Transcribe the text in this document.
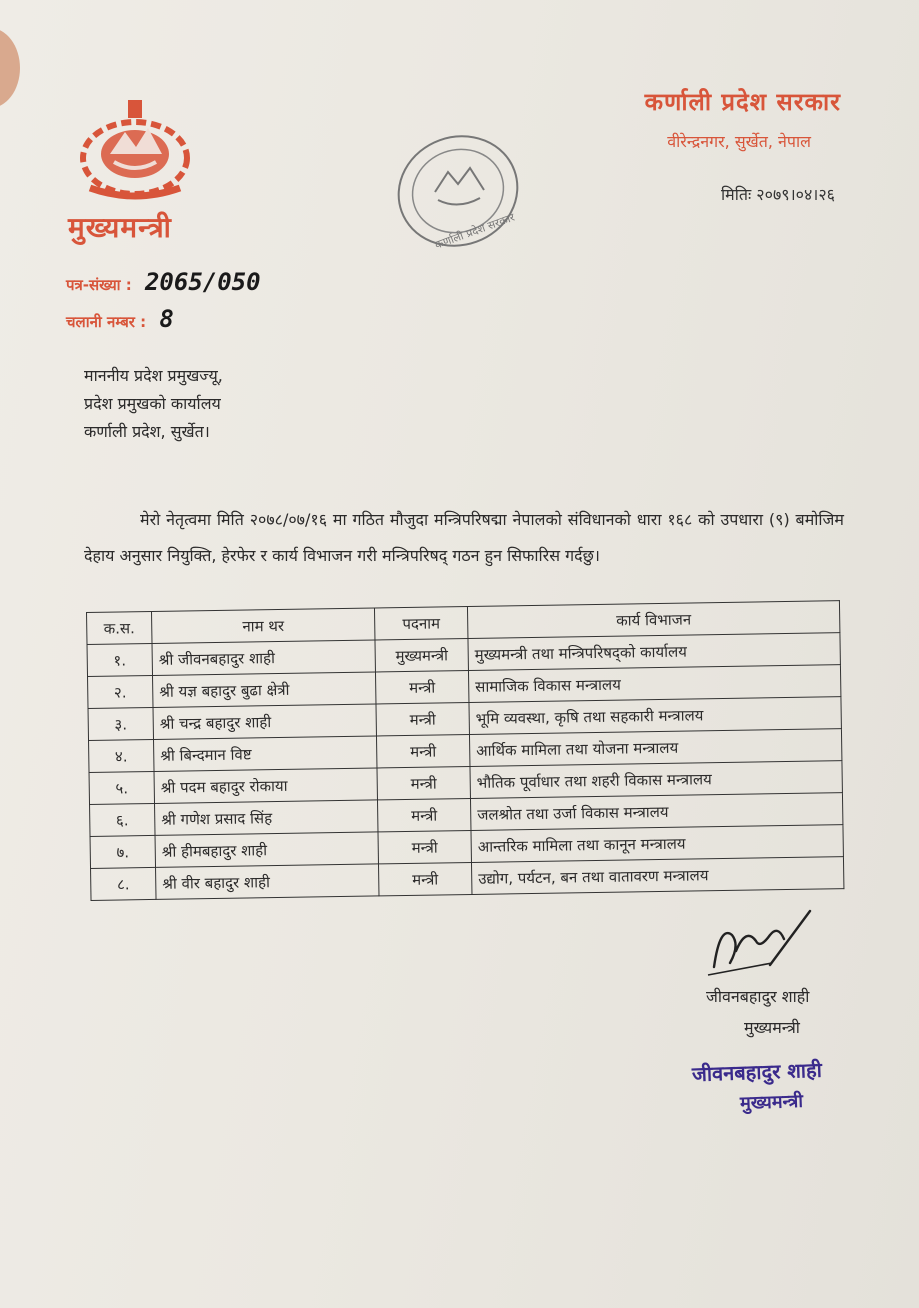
मुख्यमन्त्री
पत्र-संख्या : 2065/050
चलानी नम्बर : 8
कर्णाली प्रदेश सरकार
कर्णाली प्रदेश सरकार
वीरेन्द्रनगर, सुर्खेत, नेपाल
मितिः २०७९।०४।२६
माननीय प्रदेश प्रमुखज्यू,
प्रदेश प्रमुखको कार्यालय
कर्णाली प्रदेश, सुर्खेत।
मेरो नेतृत्वमा मिति २०७८/०७/१६ मा गठित मौजुदा मन्त्रिपरिषद्मा नेपालको संविधानको धारा १६८ को उपधारा (९) बमोजिम देहाय अनुसार नियुक्ति, हेरफेर र कार्य विभाजन गरी मन्त्रिपरिषद् गठन हुन सिफारिस गर्दछु।
क.स.	नाम थर	पदनाम	कार्य विभाजन
१.	श्री जीवनबहादुर शाही	मुख्यमन्त्री	मुख्यमन्त्री तथा मन्त्रिपरिषद्को कार्यालय
२.	श्री यज्ञ बहादुर बुढा क्षेत्री	मन्त्री	सामाजिक विकास मन्त्रालय
३.	श्री चन्द्र बहादुर शाही	मन्त्री	भूमि व्यवस्था, कृषि तथा सहकारी मन्त्रालय
४.	श्री बिन्दमान विष्ट	मन्त्री	आर्थिक मामिला तथा योजना मन्त्रालय
५.	श्री पदम बहादुर रोकाया	मन्त्री	भौतिक पूर्वाधार तथा शहरी विकास मन्त्रालय
६.	श्री गणेश प्रसाद सिंह	मन्त्री	जलश्रोत तथा उर्जा विकास मन्त्रालय
७.	श्री हीमबहादुर शाही	मन्त्री	आन्तरिक मामिला तथा कानून मन्त्रालय
८.	श्री वीर बहादुर शाही	मन्त्री	उद्योग, पर्यटन, बन तथा वातावरण मन्त्रालय
जीवनबहादुर शाही
मुख्यमन्त्री
जीवनबहादुर शाही
मुख्यमन्त्री
